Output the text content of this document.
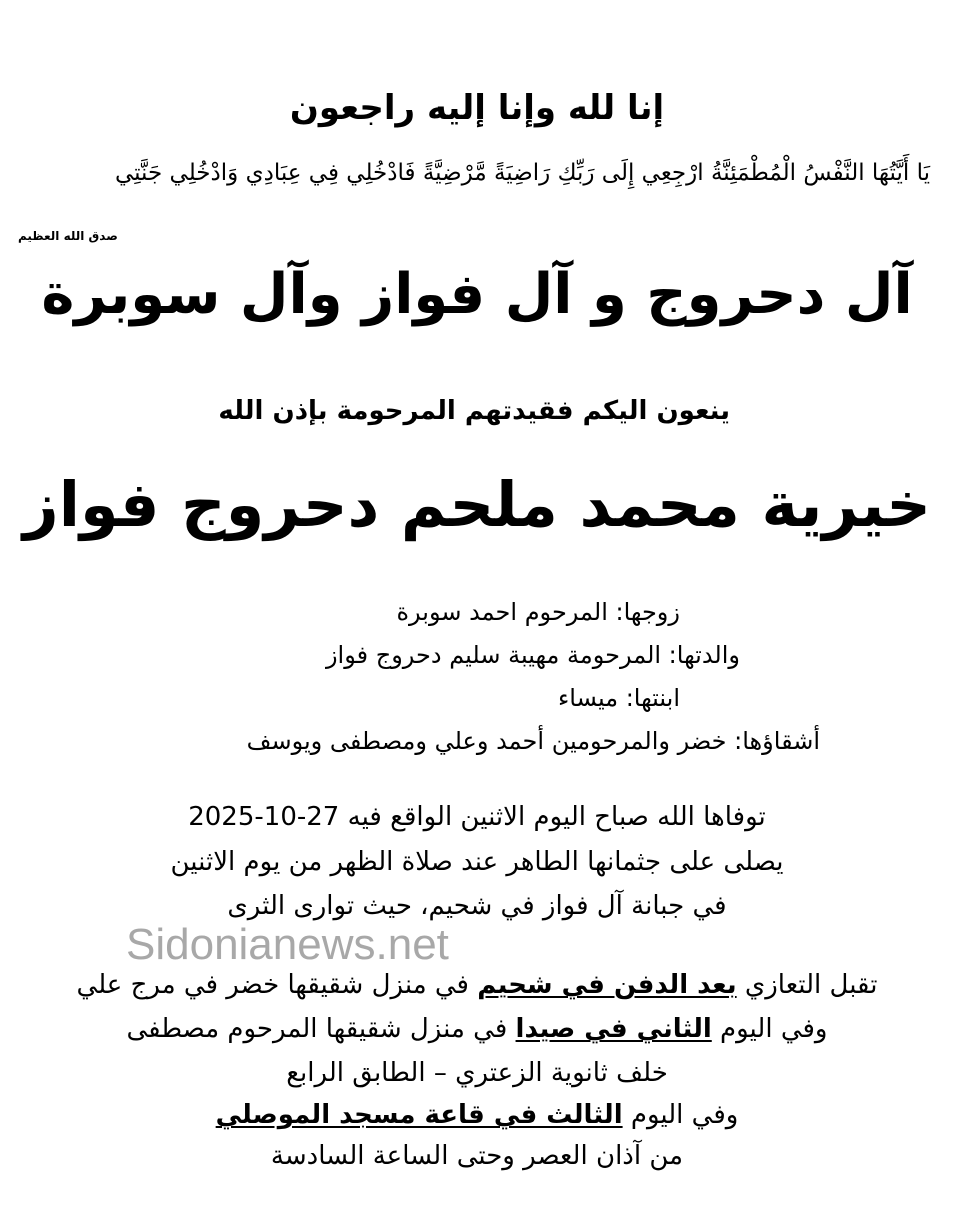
إنا لله وإنا إليه راجعون
يَا أَيَّتُهَا النَّفْسُ الْمُطْمَئِنَّةُ ارْجِعِي إِلَى رَبِّكِ رَاضِيَةً مَّرْضِيَّةً فَادْخُلِي فِي عِبَادِي وَادْخُلِي جَنَّتِي
صدق الله العظيم
آل دحروج و آل فواز وآل سوبرة
ينعون اليكم فقيدتهم المرحومة بإذن الله
خيرية محمد ملحم دحروج فواز
زوجها: المرحوم احمد سوبرة
والدتها: المرحومة مهيبة سليم دحروج فواز
ابنتها: ميساء
أشقاؤها: خضر والمرحومين أحمد وعلي ومصطفى ويوسف
توفاها الله صباح اليوم الاثنين الواقع فيه 27-10-2025
يصلى على جثمانها الطاهر عند صلاة الظهر من يوم الاثنين
في جبانة آل فواز في شحيم، حيث توارى الثرى
Sidonianews.net
تقبل التعازي بعد الدفن في شحيم في منزل شقيقها خضر في مرج علي
وفي اليوم الثاني في صيدا في منزل شقيقها المرحوم مصطفى
خلف ثانوية الزعتري – الطابق الرابع
وفي اليوم الثالث في قاعة مسجد الموصلي
من آذان العصر وحتى الساعة السادسة
